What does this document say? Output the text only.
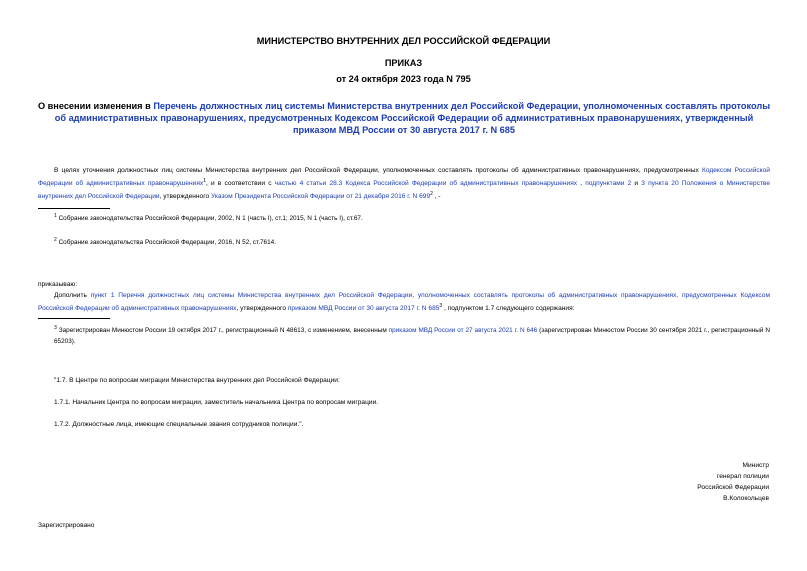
МИНИСТЕРСТВО ВНУТРЕННИХ ДЕЛ РОССИЙСКОЙ ФЕДЕРАЦИИ
ПРИКАЗ
от 24 октября 2023 года N 795
О внесении изменения в Перечень должностных лиц системы Министерства внутренних дел Российской Федерации, уполномоченных составлять протоколы об административных правонарушениях, предусмотренных Кодексом Российской Федерации об административных правонарушениях, утвержденный приказом МВД России от 30 августа 2017 г. N 685
В целях уточнения должностных лиц системы Министерства внутренних дел Российской Федерации, уполномоченных составлять протоколы об административных правонарушениях, предусмотренных Кодексом Российской Федерации об административных правонарушениях$^1$, и в соответствии с частью 4 статьи 28.3 Кодекса Российской Федерации об административных правонарушениях , подпунктами 2 и 3 пункта 20 Положения о Министерстве внутренних дел Российской Федерации, утвержденного Указом Президента Российской Федерации от 21 декабря 2016 г. N $699^2$ , -
$^1$ Собрание законодательства Российской Федерации, 2002, N 1 (часть I), ст.1; 2015, N 1 (часть I), ст.67.
$^2$ Собрание законодательства Российской Федерации, 2016, N 52, ст.7614.
приказываю:
Дополнить пункт 1 Перечня должностных лиц системы Министерства внутренних дел Российской Федерации, уполномоченных составлять протоколы об административных правонарушениях, предусмотренных Кодексом Российской Федерации об административных правонарушениях, утвержденного приказом МВД России от 30 августа 2017 г. N $685^3$ , подпунктом 1.7 следующего содержания:
$^3$ Зарегистрирован Минюстом России 19 октября 2017 г., регистрационный N 48613, с изменением, внесенным приказом МВД России от 27 августа 2021 г. N 646 (зарегистрирован Минюстом России 30 сентября 2021 г., регистрационный N 65203).
"1.7. В Центре по вопросам миграции Министерства внутренних дел Российской Федерации:
1.7.1. Начальник Центра по вопросам миграции, заместитель начальника Центра по вопросам миграции.
1.7.2. Должностные лица, имеющие специальные звания сотрудников полиции.".
Министр
генерал полиции
Российской Федерации
В.Колокольцев
Зарегистрировано
